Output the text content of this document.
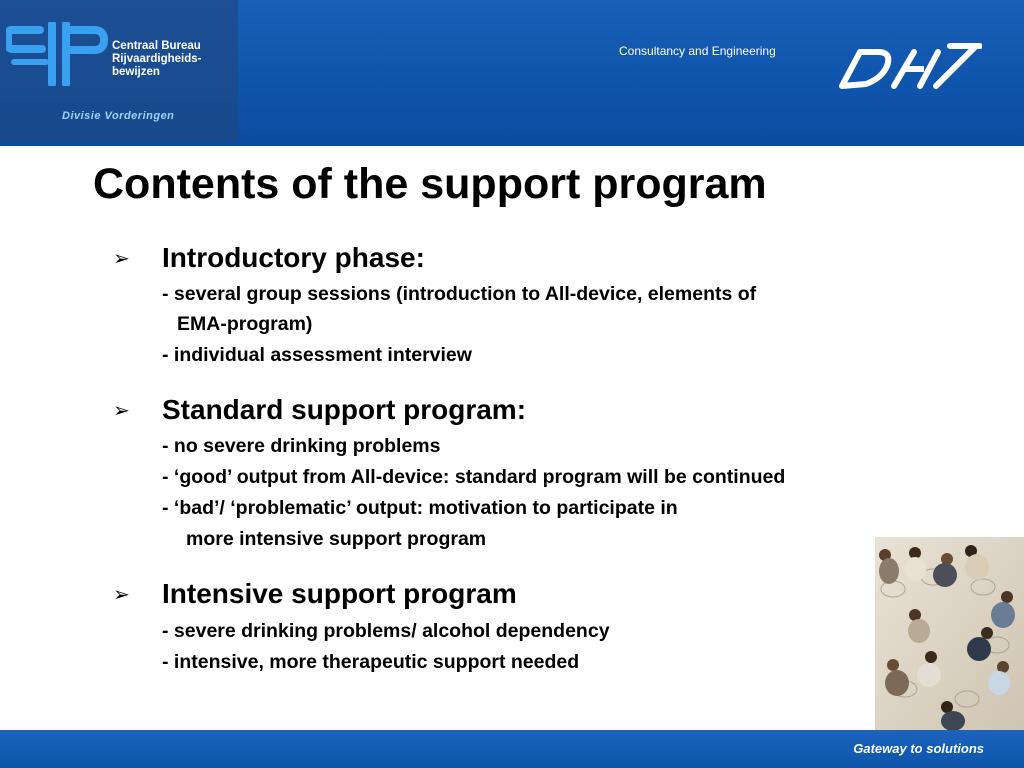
Centraal Bureau
Rijvaardigheids-
bewijzen
Divisie Vorderingen
Consultancy and Engineering
Contents of the support program
➢ Introductory phase:
- several group sessions (introduction to All-device, elements of
EMA-program)
- individual assessment interview
➢ Standard support program:
- no severe drinking problems
- ‘good’ output from All-device: standard program will be continued
- ‘bad’/ ‘problematic’ output: motivation to participate in
more intensive support program
➢ Intensive support program
- severe drinking problems/ alcohol dependency
- intensive, more therapeutic support needed
Gateway to solutions
